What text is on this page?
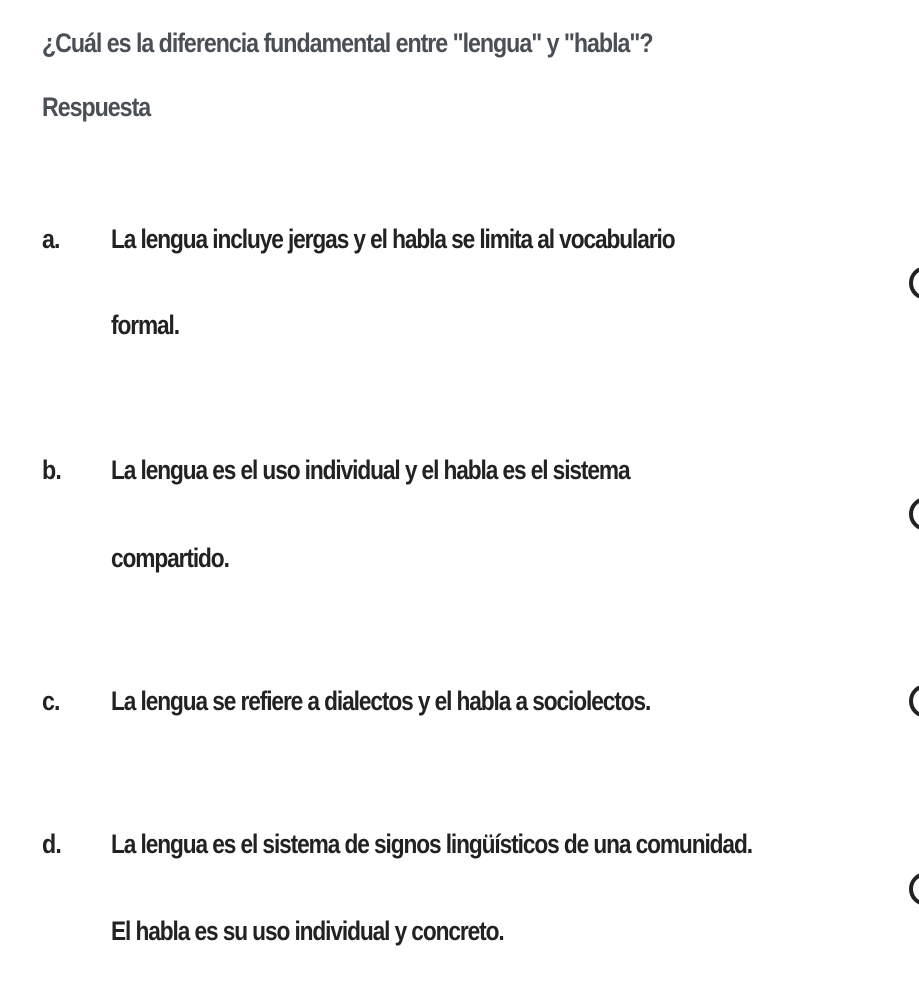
¿Cuál es la diferencia fundamental entre "lengua" y "habla"?
Respuesta
a. La lengua incluye jergas y el habla se limita al vocabulario
formal.
b. La lengua es el uso individual y el habla es el sistema
compartido.
c. La lengua se refiere a dialectos y el habla a sociolectos.
d. La lengua es el sistema de signos lingüísticos de una comunidad.
El habla es su uso individual y concreto.
